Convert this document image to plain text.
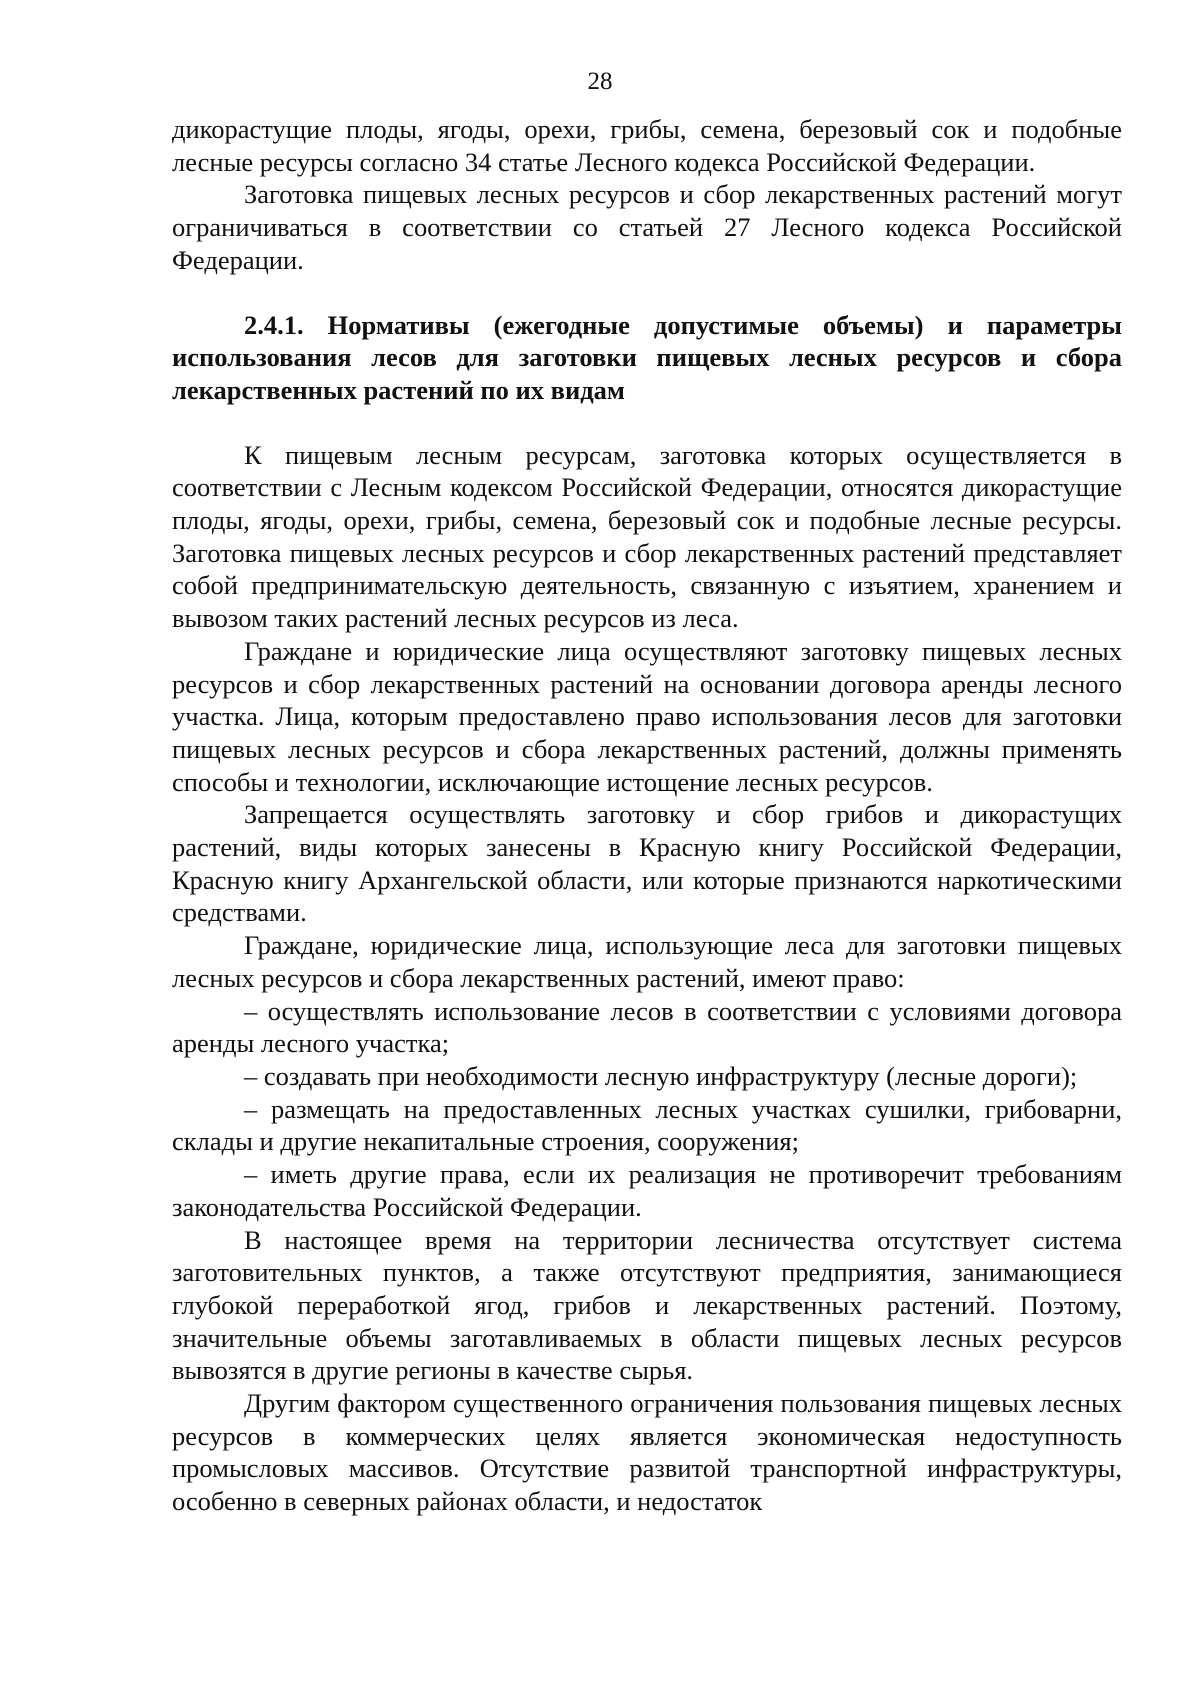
28

дикорастущие плоды, ягоды, орехи, грибы, семена, березовый сок и подобные лесные ресурсы согласно 34 статье Лесного кодекса Российской Федерации.

Заготовка пищевых лесных ресурсов и сбор лекарственных растений могут ограничиваться в соответствии со статьей 27 Лесного кодекса Российской Федерации.

2.4.1. Нормативы (ежегодные допустимые объемы) и параметры использования лесов для заготовки пищевых лесных ресурсов и сбора лекарственных растений по их видам

К пищевым лесным ресурсам, заготовка которых осуществляется в соответствии с Лесным кодексом Российской Федерации, относятся дикорастущие плоды, ягоды, орехи, грибы, семена, березовый сок и подобные лесные ресурсы. Заготовка пищевых лесных ресурсов и сбор лекарственных растений представляет собой предпринимательскую деятельность, связанную с изъятием, хранением и вывозом таких растений лесных ресурсов из леса.

Граждане и юридические лица осуществляют заготовку пищевых лесных ресурсов и сбор лекарственных растений на основании договора аренды лесного участка. Лица, которым предоставлено право использования лесов для заготовки пищевых лесных ресурсов и сбора лекарственных растений, должны применять способы и технологии, исключающие истощение лесных ресурсов.

Запрещается осуществлять заготовку и сбор грибов и дикорастущих растений, виды которых занесены в Красную книгу Российской Федерации, Красную книгу Архангельской области, или которые признаются наркотическими средствами.

Граждане, юридические лица, использующие леса для заготовки пищевых лесных ресурсов и сбора лекарственных растений, имеют право:

– осуществлять использование лесов в соответствии с условиями договора аренды лесного участка;

– создавать при необходимости лесную инфраструктуру (лесные дороги);

– размещать на предоставленных лесных участках сушилки, грибоварни, склады и другие некапитальные строения, сооружения;

– иметь другие права, если их реализация не противоречит требованиям законодательства Российской Федерации.

В настоящее время на территории лесничества отсутствует система заготовительных пунктов, а также отсутствуют предприятия, занимающиеся глубокой переработкой ягод, грибов и лекарственных растений. Поэтому, значительные объемы заготавливаемых в области пищевых лесных ресурсов вывозятся в другие регионы в качестве сырья.

Другим фактором существенного ограничения пользования пищевых лесных ресурсов в коммерческих целях является экономическая недоступность промысловых массивов. Отсутствие развитой транспортной инфраструктуры, особенно в северных районах области, и недостаток
